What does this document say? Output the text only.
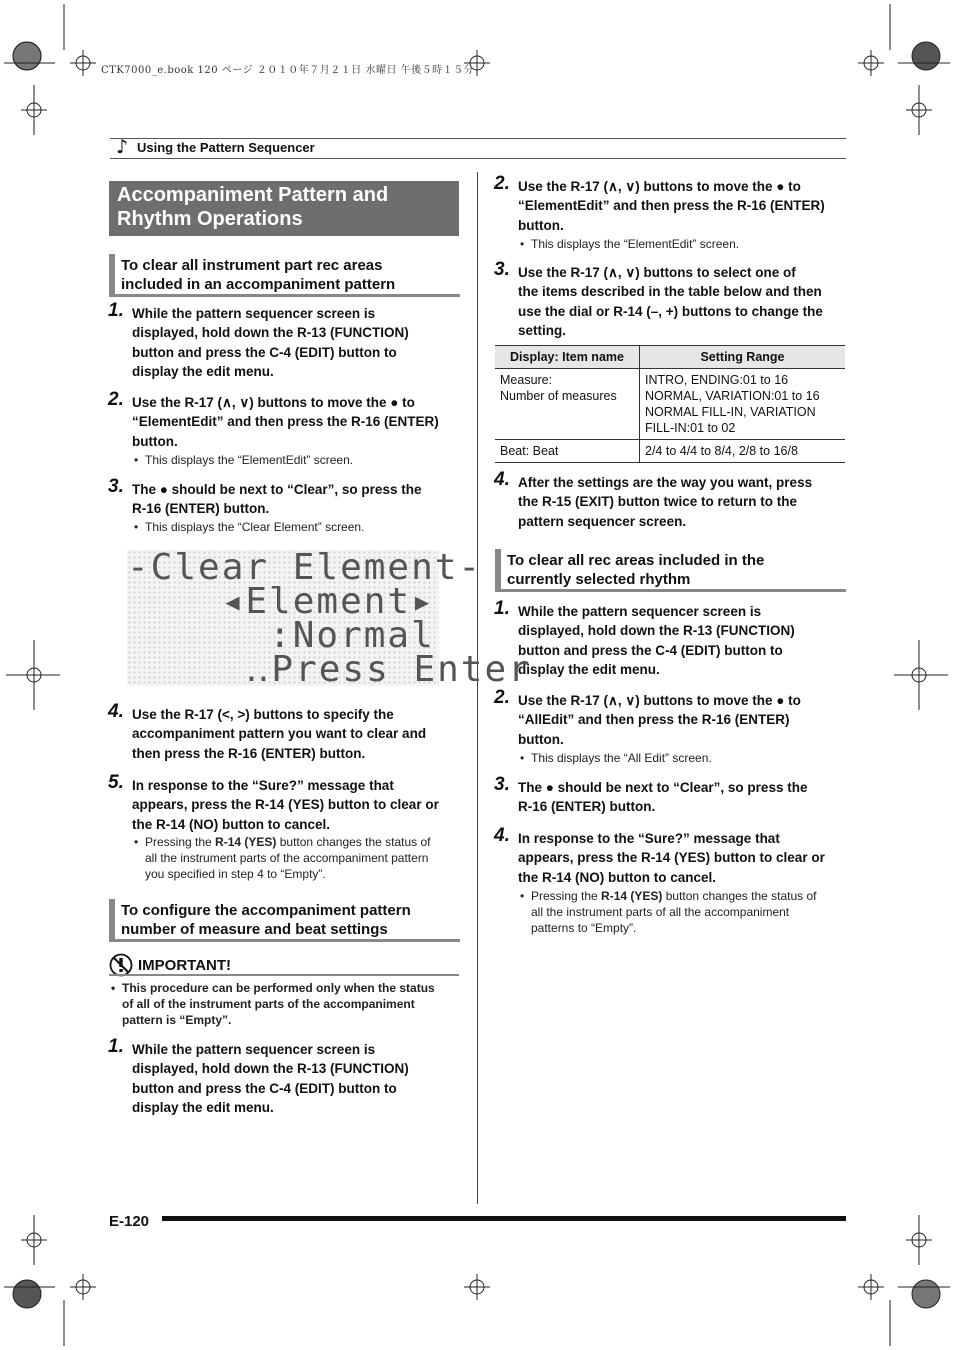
CTK7000_e.book 120 ページ ２０１０年７月２１日 水曜日 午後５時１５分
♪ Using the Pattern Sequencer
Accompaniment Pattern and
Rhythm Operations
To clear all instrument part rec areas
included in an accompaniment pattern
1. While the pattern sequencer screen is
displayed, hold down the R-13 (FUNCTION)
button and press the C-4 (EDIT) button to
display the edit menu.
2. Use the R-17 (∧, ∨) buttons to move the ● to
“ElementEdit” and then press the R-16 (ENTER)
button.
• This displays the “ElementEdit” screen.
3. The ● should be next to “Clear”, so press the
R-16 (ENTER) button.
• This displays the “Clear Element” screen.
-Clear Element-
◂Element▸
:Normal
‥Press Enter
4. Use the R-17 (<, >) buttons to specify the
accompaniment pattern you want to clear and
then press the R-16 (ENTER) button.
5. In response to the “Sure?” message that
appears, press the R-14 (YES) button to clear or
the R-14 (NO) button to cancel.
• Pressing the R-14 (YES) button changes the status of
all the instrument parts of the accompaniment pattern
you specified in step 4 to “Empty”.
To configure the accompaniment pattern
number of measure and beat settings
IMPORTANT!
• This procedure can be performed only when the status
of all of the instrument parts of the accompaniment
pattern is “Empty”.
1. While the pattern sequencer screen is
displayed, hold down the R-13 (FUNCTION)
button and press the C-4 (EDIT) button to
display the edit menu.
2. Use the R-17 (∧, ∨) buttons to move the ● to
“ElementEdit” and then press the R-16 (ENTER)
button.
• This displays the “ElementEdit” screen.
3. Use the R-17 (∧, ∨) buttons to select one of
the items described in the table below and then
use the dial or R-14 (–, +) buttons to change the
setting.
Display: Item name	Setting Range

Measure:
Number of measures	INTRO, ENDING:01 to 16
NORMAL, VARIATION:01 to 16
NORMAL FILL-IN, VARIATION
FILL-IN:01 to 02

Beat: Beat	2/4 to 4/4 to 8/4, 2/8 to 16/8
4. After the settings are the way you want, press
the R-15 (EXIT) button twice to return to the
pattern sequencer screen.
To clear all rec areas included in the
currently selected rhythm
1. While the pattern sequencer screen is
displayed, hold down the R-13 (FUNCTION)
button and press the C-4 (EDIT) button to
display the edit menu.
2. Use the R-17 (∧, ∨) buttons to move the ● to
“AllEdit” and then press the R-16 (ENTER)
button.
• This displays the “All Edit” screen.
3. The ● should be next to “Clear”, so press the
R-16 (ENTER) button.
4. In response to the “Sure?” message that
appears, press the R-14 (YES) button to clear or
the R-14 (NO) button to cancel.
• Pressing the R-14 (YES) button changes the status of
all the instrument parts of all the accompaniment
patterns to “Empty”.
E-120
